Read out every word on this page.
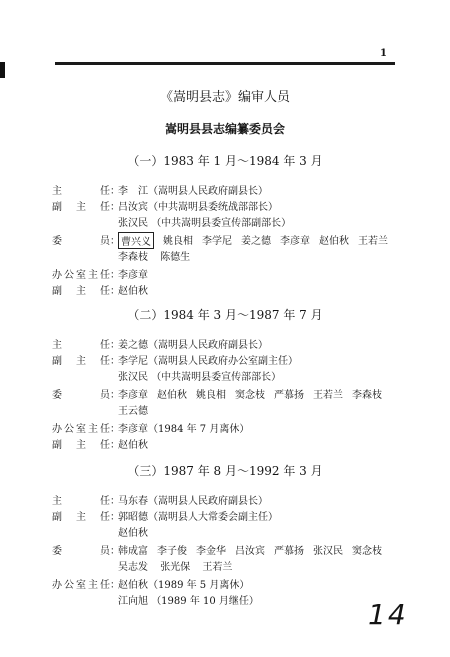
1
《嵩明县志》编审人员
嵩明县县志编纂委员会
（一）1983 年 1 月～1984 年 3 月
主任 ：
李　江 （嵩明县人民政府副县长）
副主任 ：
吕汝宾 （中共嵩明县委统战部部长）
张汉民 （中共嵩明县委宣传部副部长）
委员 ： 曹兴义	姚良相 李学尼 姜之德 李彦章 赵伯秋 王若兰
李森枝 陈德生
办公室主任 ：
李彦章
副主任 ：
赵伯秋
（二）1984 年 3 月～1987 年 7 月
主任 ：
姜之德 （嵩明县人民政府副县长）
副主任 ：
李学尼 （嵩明县人民政府办公室副主任）
张汉民 （中共嵩明县委宣传部部长）
委员 ：
李彦章 赵伯秋 姚良相 窦念枝 严慕扬 王若兰 李森枝
王云德
办公室主任 ：
李彦章 （1984 年 7 月离休）
副主任 ：
赵伯秋
（三）1987 年 8 月～1992 年 3 月
主任 ：
马东春 （嵩明县人民政府副县长）
副主任 ：
郭昭德 （嵩明县人大常委会副主任）
赵伯秋
委员 ：
韩成富 李子俊 李金华 吕汝宾 严慕扬 张汉民 窦念枝
吴志发 张光保 王若兰
办公室主任 ：
赵伯秋 （1989 年 5 月离休）
江向旭 （1989 年 10 月继任）	14
